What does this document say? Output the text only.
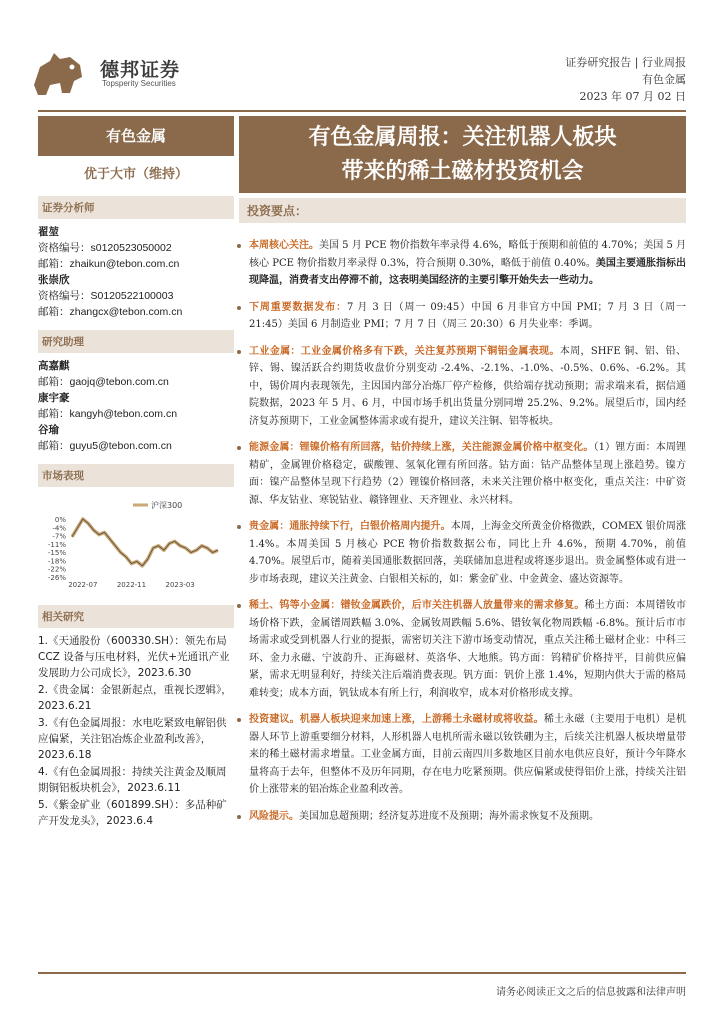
德邦证券
Topsperity Securities
证券研究报告 | 行业周报
有色金属
2023 年 07 月 02 日
有色金属
优于大市（维持）
有色金属周报：关注机器人板块
带来的稀土磁材投资机会
证券分析师
翟堃
资格编号：s0120523050002
邮箱：zhaikun@tebon.com.cn
张崇欣
资格编号：S0120522100003
邮箱：zhangcx@tebon.com.cn
研究助理
高嘉麒
邮箱：gaojq@tebon.com.cn
康宇豪
邮箱：kangyh@tebon.com.cn
谷瑜
邮箱：guyu5@tebon.com.cn
市场表现
沪深300
0%
-4%
-7%
-11%
-15%
-18%
-22%
-26%
2022-07	2022-11	2023-03
相关研究
1.《天通股份（600330.SH）：领先布局 CCZ 设备与压电材料，光伏+光通讯产业发展助力公司成长》，2023.6.30
2.《贵金属：金银新起点，重视长逻辑》，2023.6.21
3.《有色金属周报：水电吃紧致电解铝供应偏紧，关注铝冶炼企业盈利改善》，2023.6.18
4.《有色金属周报：持续关注黄金及顺周期铜铝板块机会》，2023.6.11
5.《紫金矿业（601899.SH）：多品种矿产开发龙头》，2023.6.4
投资要点：
本周核心关注。美国 5 月 PCE 物价指数年率录得 4.6%，略低于预期和前值的 4.70%；美国 5 月核心 PCE 物价指数月率录得 0.3%，符合预期 0.30%，略低于前值 0.40%。美国主要通胀指标出现降温，消费者支出停滞不前，这表明美国经济的主要引擎开始失去一些动力。
下周重要数据发布：7 月 3 日（周一 09:45）中国 6 月非官方中国 PMI；7 月 3 日（周一 21:45）美国 6 月制造业 PMI；7 月 7 日（周三 20:30）6 月失业率：季调。
工业金属：工业金属价格多有下跌，关注复苏预期下铜铝金属表现。本周，SHFE 铜、铝、铅、锌、锡、镍活跃合约期货收盘价分别变动 -2.4%、-2.1%、-1.0%、-0.5%、0.6%、-6.2%。其中，锡价周内表现领先，主因国内部分冶炼厂停产检修，供给端存扰动预期；需求端来看，据信通院数据，2023 年 5 月、6 月，中国市场手机出货量分别同增 25.2%、9.2%。展望后市，国内经济复苏预期下，工业金属整体需求或有提升，建议关注铜、铝等板块。
能源金属：锂镍价格有所回落，钴价持续上涨，关注能源金属价格中枢变化。（1）锂方面：本周锂精矿，金属锂价格稳定，碳酸锂、氢氧化锂有所回落。钴方面：钴产品整体呈现上涨趋势。镍方面：镍产品整体呈现下行趋势（2）锂镍价格回落，未来关注锂价格中枢变化，重点关注：中矿资源、华友钴业、寒锐钴业、赣锋锂业、天齐锂业、永兴材料。
贵金属：通胀持续下行，白银价格周内提升。本周，上海金交所黄金价格微跌，COMEX 银价周涨 1.4%。本周美国 5 月核心 PCE 物价指数数据公布，同比上升 4.6%，预期 4.70%，前值 4.70%。展望后市，随着美国通胀数据回落，美联储加息进程或将逐步退出。贵金属整体或有进一步市场表现，建议关注黄金、白银相关标的，如：紫金矿业、中金黄金、盛达资源等。
稀土、钨等小金属：镨钕金属跌价，后市关注机器人放量带来的需求修复。稀土方面：本周镨钕市场价格下跌，金属镨周跌幅 3.0%、金属钕周跌幅 5.6%、镨钕氧化物周跌幅 -6.8%。预计后市市场需求或受到机器人行业的提振，需密切关注下游市场变动情况，重点关注稀土磁材企业：中科三环、金力永磁、宁波韵升、正海磁材、英洛华、大地熊。钨方面：钨精矿价格持平，目前供应偏紧，需求无明显利好，持续关注后端消费表现。钒方面：钒价上涨 1.4%，短期内供大于需的格局难转变；成本方面，钒钛成本有所上行，利润收窄，成本对价格形成支撑。
投资建议。机器人板块迎来加速上涨，上游稀土永磁材或将收益。稀土永磁（主要用于电机）是机器人环节上游重要细分材料，人形机器人电机所需永磁以钕铁硼为主，后续关注机器人板块增量带来的稀土磁材需求增量。工业金属方面，目前云南四川多数地区目前水电供应良好，预计今年降水量将高于去年，但整体不及历年同期，存在电力吃紧预期。供应偏紧或使得铝价上涨，持续关注铝价上涨带来的铝冶炼企业盈利改善。
风险提示。美国加息超预期；经济复苏进度不及预期；海外需求恢复不及预期。
请务必阅读正文之后的信息披露和法律声明
